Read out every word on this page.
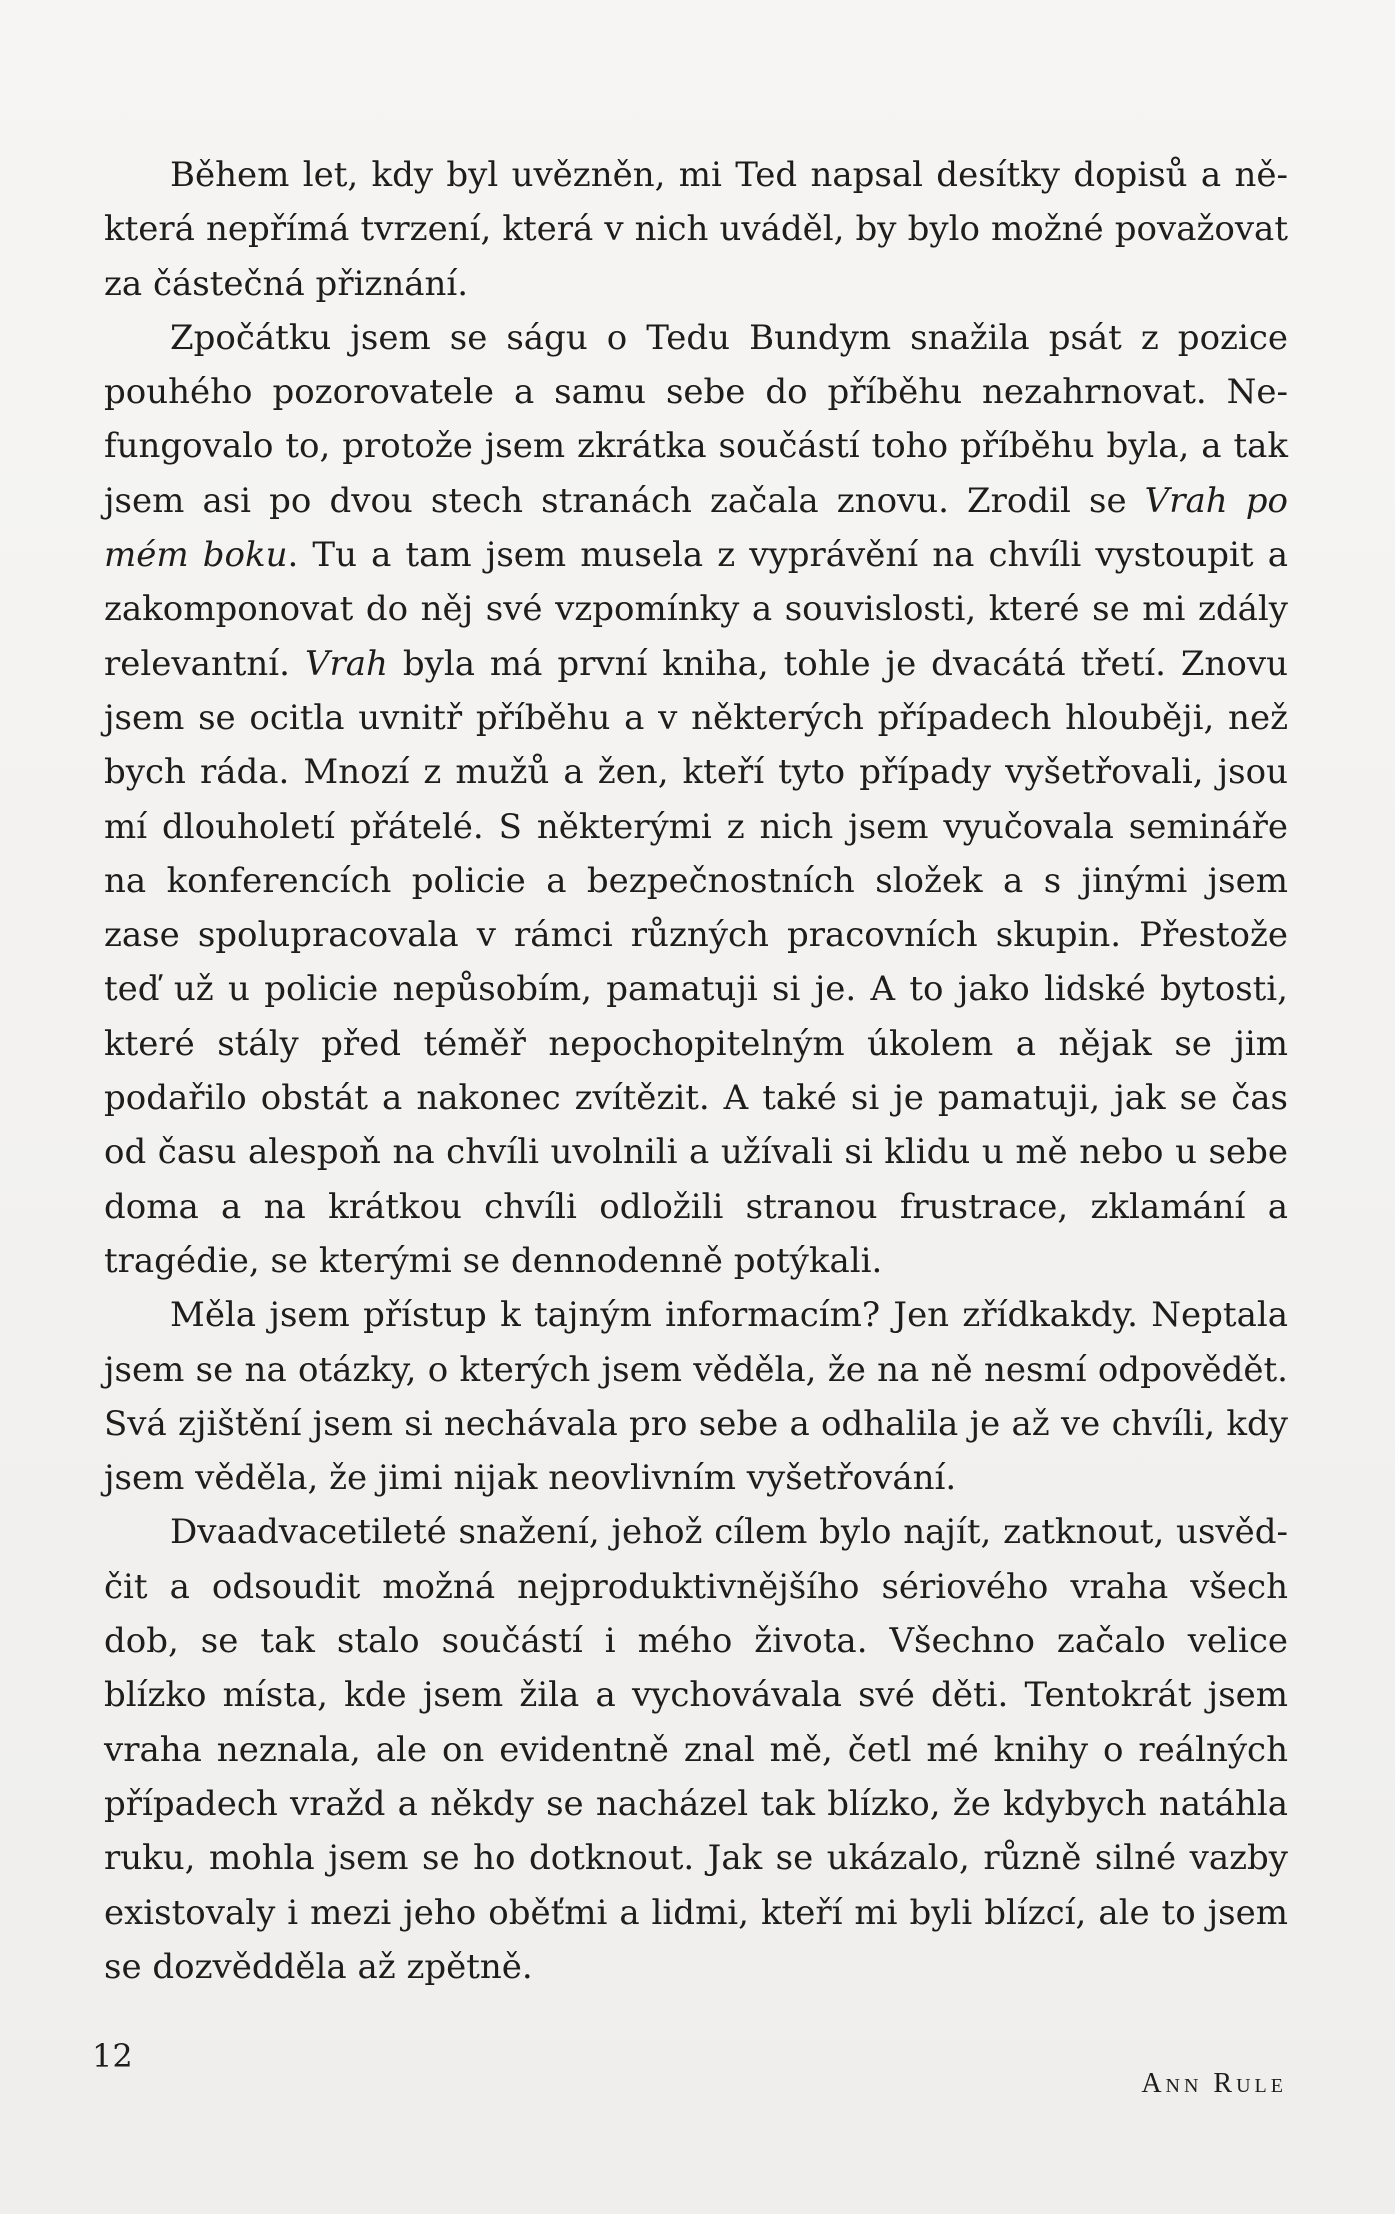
Během let, kdy byl uvězněn, mi Ted napsal desítky dopisů a některá nepřímá tvrzení, která v nich uváděl, by bylo možné považovat za částečná přiznání.

Zpočátku jsem se ságu o Tedu Bundym snažila psát z pozice pouhého pozorovatele a samu sebe do příběhu nezahrnovat. Nefungovalo to, protože jsem zkrátka součástí toho příběhu byla, a tak jsem asi po dvou stech stranách začala znovu. Zrodil se Vrah po mém boku. Tu a tam jsem musela z vyprávění na chvíli vystoupit a zakomponovat do něj své vzpomínky a souvislosti, které se mi zdály relevantní. Vrah byla má první kniha, tohle je dvacátá třetí. Znovu jsem se ocitla uvnitř příběhu a v některých případech hlouběji, než bych ráda. Mnozí z mužů a žen, kteří tyto případy vyšetřovali, jsou mí dlouholetí přátelé. S některými z nich jsem vyučovala semináře na konferencích policie a bezpečnostních složek a s jinými jsem zase spolupracovala v rámci různých pracovních skupin. Přestože teď už u policie nepůsobím, pamatuji si je. A to jako lidské bytosti, které stály před téměř nepochopitelným úkolem a nějak se jim podařilo obstát a nakonec zvítězit. A také si je pamatuji, jak se čas od času alespoň na chvíli uvolnili a užívali si klidu u mě nebo u sebe doma a na krátkou chvíli odložili stranou frustrace, zklamání a tragédie, se kterými se dennodenně potýkali.

Měla jsem přístup k tajným informacím? Jen zřídkakdy. Neptala jsem se na otázky, o kterých jsem věděla, že na ně nesmí odpovědět. Svá zjištění jsem si nechávala pro sebe a odhalila je až ve chvíli, kdy jsem věděla, že jimi nijak neovlivním vyšetřování.

Dvaadvacetileté snažení, jehož cílem bylo najít, zatknout, usvědčit a odsoudit možná nejproduktivnějšího sériového vraha všech dob, se tak stalo součástí i mého života. Všechno začalo velice blízko místa, kde jsem žila a vychovávala své děti. Tentokrát jsem vraha neznala, ale on evidentně znal mě, četl mé knihy o reálných případech vražd a někdy se nacházel tak blízko, že kdybych natáhla ruku, mohla jsem se ho dotknout. Jak se ukázalo, různě silné vazby existovaly i mezi jeho oběťmi a lidmi, kteří mi byli blízcí, ale to jsem se dozvědděla až zpětně.

12
Ann Rule
